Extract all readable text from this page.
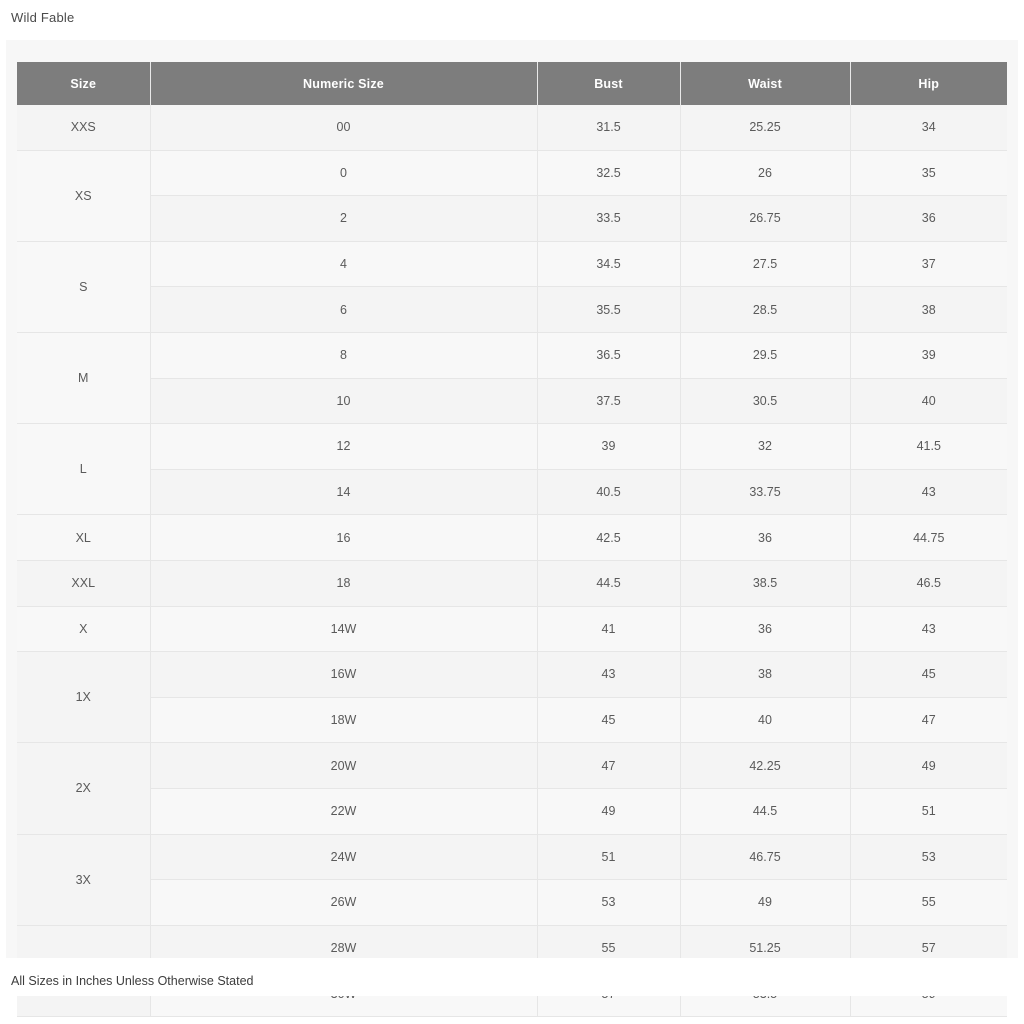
Wild Fable
Size	Numeric Size	Bust	Waist	Hip
XXS	00	31.5	25.25	34
XS	0	32.5	26	35
	2	33.5	26.75	36
S	4	34.5	27.5	37
	6	35.5	28.5	38
M	8	36.5	29.5	39
	10	37.5	30.5	40
L	12	39	32	41.5
	14	40.5	33.75	43
XL	16	42.5	36	44.75
XXL	18	44.5	38.5	46.5
X	14W	41	36	43
1X	16W	43	38	45
	18W	45	40	47
2X	20W	47	42.25	49
	22W	49	44.5	51
3X	24W	51	46.75	53
	26W	53	49	55
	28W	55	51.25	57

All Sizes in Inches Unless Otherwise Stated
